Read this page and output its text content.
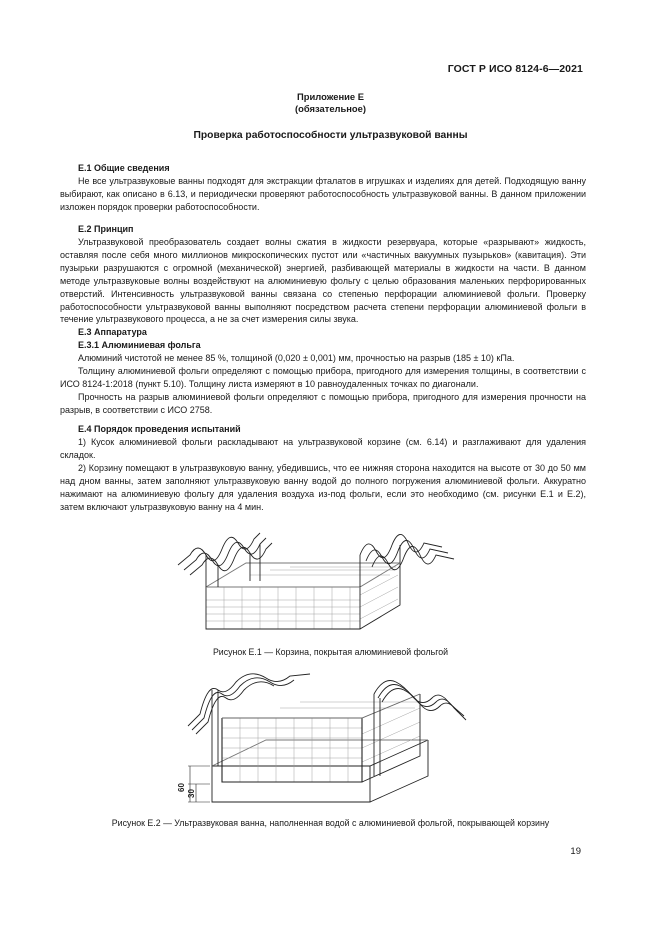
ГОСТ Р ИСО 8124-6—2021
Приложение Е
(обязательное)
Проверка работоспособности ультразвуковой ванны
Е.1 Общие сведения

Не все ультразвуковые ванны подходят для экстракции фталатов в игрушках и изделиях для детей. Подходящую ванну выбирают, как описано в 6.13, и периодически проверяют работоспособность ультразвуковой ванны. В данном приложении изложен порядок проверки работоспособности.

Е.2 Принцип

Ультразвуковой преобразователь создает волны сжатия в жидкости резервуара, которые «разрывают» жидкость, оставляя после себя много миллионов микроскопических пустот или «частичных вакуумных пузырьков» (кавитация). Эти пузырьки разрушаются с огромной (механической) энергией, разбивающей материалы в жидкости на части. В данном методе ультразвуковые волны воздействуют на алюминиевую фольгу с целью образования маленьких перфорированных отверстий. Интенсивность ультразвуковой ванны связана со степенью перфорации алюминиевой фольги. Проверку работоспособности ультразвуковой ванны выполняют посредством расчета степени перфорации алюминиевой фольги в течение ультразвукового процесса, а не за счет измерения силы звука.

Е.3 Аппаратура
Е.3.1 Алюминиевая фольга

Алюминий чистотой не менее 85 %, толщиной (0,020 ± 0,001) мм, прочностью на разрыв (185 ± 10) кПа.

Толщину алюминиевой фольги определяют с помощью прибора, пригодного для измерения толщины, в соответствии с ИСО 8124-1:2018 (пункт 5.10). Толщину листа измеряют в 10 равноудаленных точках по диагонали.

Прочность на разрыв алюминиевой фольги определяют с помощью прибора, пригодного для измерения прочности на разрыв, в соответствии с ИСО 2758.

Е.4 Порядок проведения испытаний

1) Кусок алюминиевой фольги раскладывают на ультразвуковой корзине (см. 6.14) и разглаживают для удаления складок.

2) Корзину помещают в ультразвуковую ванну, убедившись, что ее нижняя сторона находится на высоте от 30 до 50 мм над дном ванны, затем заполняют ультразвуковую ванну водой до полного погружения алюминиевой фольги. Аккуратно нажимают на алюминиевую фольгу для удаления воздуха из-под фольги, если это необходимо (см. рисунки Е.1 и Е.2), затем включают ультразвуковую ванну на 4 мин.

Рисунок Е.1 — Корзина, покрытая алюминиевой фольгой
60
30
Рисунок Е.2 — Ультразвуковая ванна, наполненная водой с алюминиевой фольгой, покрывающей корзину
19
